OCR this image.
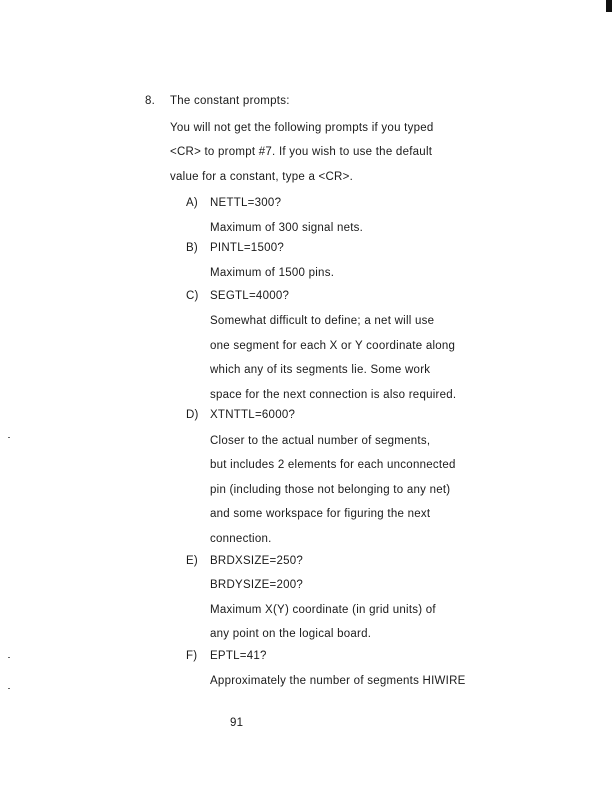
8. The constant prompts:
You will not get the following prompts if you typed
<CR> to prompt #7. If you wish to use the default
value for a constant, type a <CR>.
A) NETTL=300?
Maximum of 300 signal nets.
B) PINTL=1500?
Maximum of 1500 pins.
C) SEGTL=4000?
Somewhat difficult to define; a net will use
one segment for each X or Y coordinate along
which any of its segments lie. Some work
space for the next connection is also required.
D) XTNTTL=6000?
Closer to the actual number of segments,
but includes 2 elements for each unconnected
pin (including those not belonging to any net)
and some workspace for figuring the next
connection.
E) BRDXSIZE=250?
BRDYSIZE=200?
Maximum X(Y) coordinate (in grid units) of
any point on the logical board.
F) EPTL=41?
Approximately the number of segments HIWIRE
91
